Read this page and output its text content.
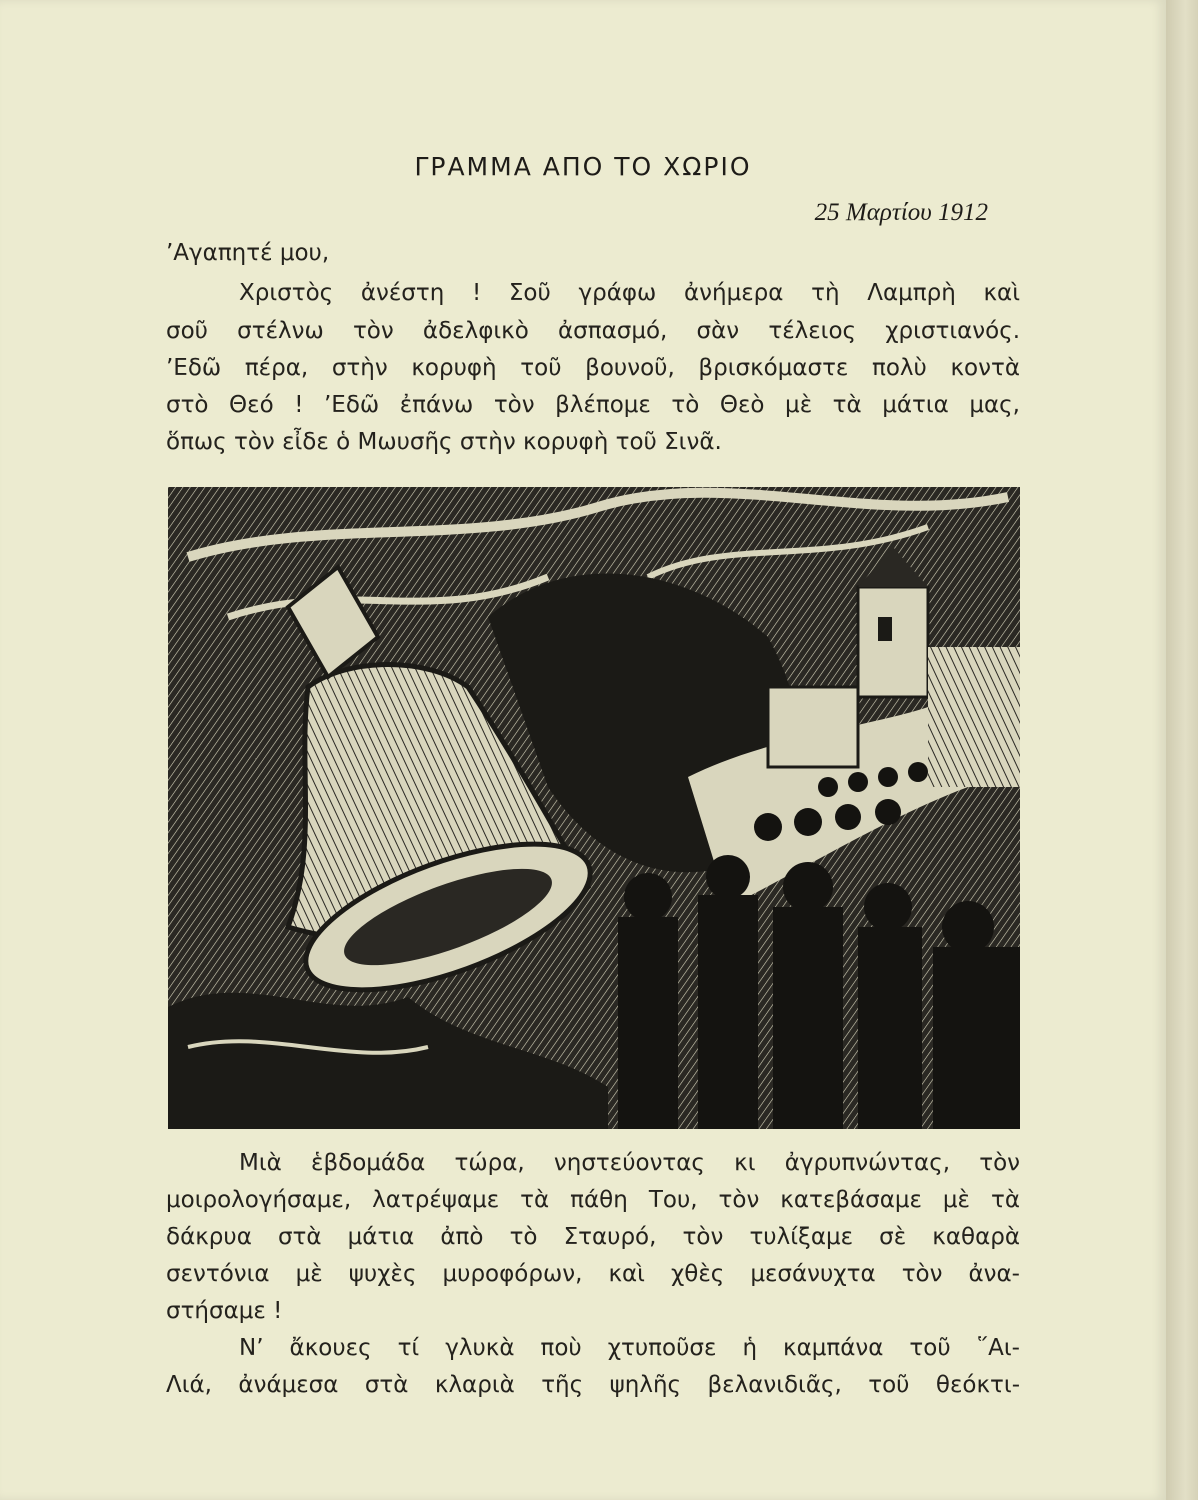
ΓΡΑΜΜΑ ΑΠΟ ΤΟ ΧΩΡΙΟ
25 Μαρτίου 1912
’Αγαπητέ μου,
Χριστὸς ἀνέστη ! Σοῦ γράφω ἀνήμερα τὴ Λαμπρὴ καὶ
σοῦ στέλνω τὸν ἀδελφικὸ ἀσπασμό, σὰν τέλειος χριστιανός.
’Εδῶ πέρα, στὴν κορυφὴ τοῦ βουνοῦ, βρισκόμαστε πολὺ κοντὰ
στὸ Θεό ! ’Εδῶ ἐπάνω τὸν βλέπομε τὸ Θεὸ μὲ τὰ μάτια μας,
ὅπως τὸν εἶδε ὁ Μωυσῆς στὴν κορυφὴ τοῦ Σινᾶ.
Μιὰ ἑβδομάδα τώρα, νηστεύοντας κι ἀγρυπνώντας, τὸν
μοιρολογήσαμε, λατρέψαμε τὰ πάθη Του, τὸν κατεβάσαμε μὲ τὰ
δάκρυα στὰ μάτια ἀπὸ τὸ Σταυρό, τὸν τυλίξαμε σὲ καθαρὰ
σεντόνια μὲ ψυχὲς μυροφόρων, καὶ χθὲς μεσάνυχτα τὸν ἀνα-
στήσαμε !
Ν’ ἄκουες τί γλυκὰ ποὺ χτυποῦσε ἡ καμπάνα τοῦ ῞Αι-
Λιά, ἀνάμεσα στὰ κλαριὰ τῆς ψηλῆς βελανιδιᾶς, τοῦ θεόκτι-
